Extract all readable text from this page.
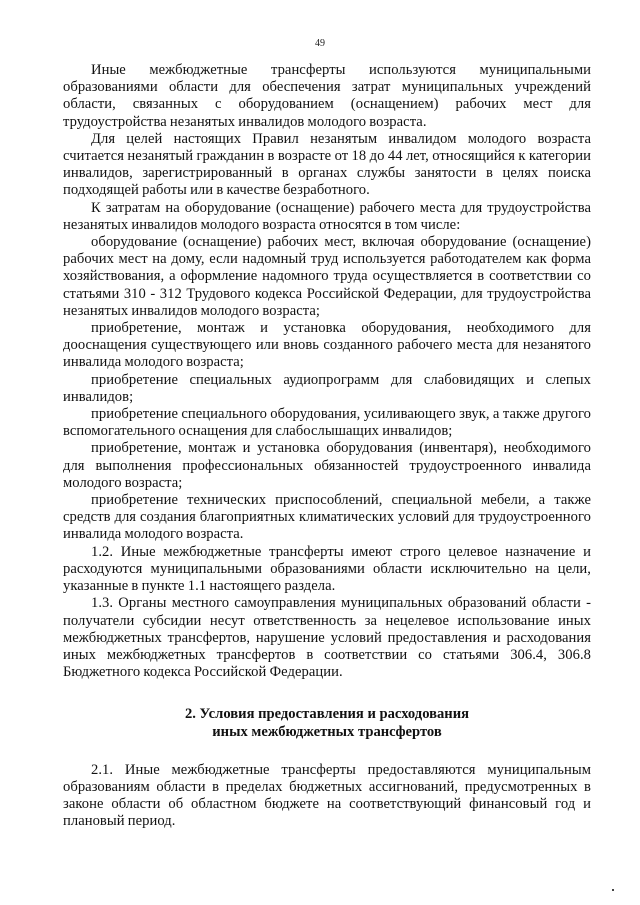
49

Иные межбюджетные трансферты используются муниципальными образованиями области для обеспечения затрат муниципальных учреждений области, связанных с оборудованием (оснащением) рабочих мест для трудоустройства незанятых инвалидов молодого возраста.

Для целей настоящих Правил незанятым инвалидом молодого возраста считается незанятый гражданин в возрасте от 18 до 44 лет, относящийся к категории инвалидов, зарегистрированный в органах службы занятости в целях поиска подходящей работы или в качестве безработного.

К затратам на оборудование (оснащение) рабочего места для трудоустройства незанятых инвалидов молодого возраста относятся в том числе:

оборудование (оснащение) рабочих мест, включая оборудование (оснащение) рабочих мест на дому, если надомный труд используется работодателем как форма хозяйствования, а оформление надомного труда осуществляется в соответствии со статьями 310 - 312 Трудового кодекса Российской Федерации, для трудоустройства незанятых инвалидов молодого возраста;

приобретение, монтаж и установка оборудования, необходимого для дооснащения существующего или вновь созданного рабочего места для незанятого инвалида молодого возраста;

приобретение специальных аудиопрограмм для слабовидящих и слепых инвалидов;

приобретение специального оборудования, усиливающего звук, а также другого вспомогательного оснащения для слабослышащих инвалидов;

приобретение, монтаж и установка оборудования (инвентаря), необходимого для выполнения профессиональных обязанностей трудоустроенного инвалида молодого возраста;

приобретение технических приспособлений, специальной мебели, а также средств для создания благоприятных климатических условий для трудоустроенного инвалида молодого возраста.

1.2. Иные межбюджетные трансферты имеют строго целевое назначение и расходуются муниципальными образованиями области исключительно на цели, указанные в пункте 1.1 настоящего раздела.

1.3. Органы местного самоуправления муниципальных образований области - получатели субсидии несут ответственность за нецелевое использование иных межбюджетных трансфертов, нарушение условий предоставления и расходования иных межбюджетных трансфертов в соответствии со статьями 306.4, 306.8 Бюджетного кодекса Российской Федерации.

2. Условия предоставления и расходования
иных межбюджетных трансфертов

2.1. Иные межбюджетные трансферты предоставляются муниципальным образованиям области в пределах бюджетных ассигнований, предусмотренных в законе области об областном бюджете на соответствующий финансовый год и плановый период.
